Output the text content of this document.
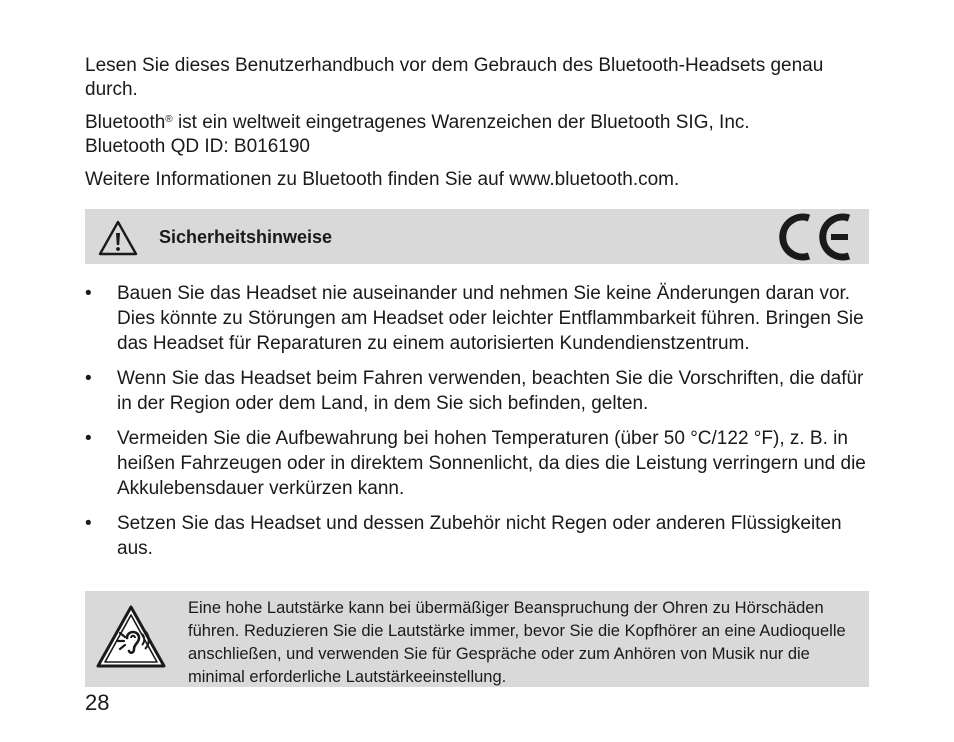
Lesen Sie dieses Benutzerhandbuch vor dem Gebrauch des Bluetooth-Headsets genau durch.

Bluetooth® ist ein weltweit eingetragenes Warenzeichen der Bluetooth SIG, Inc.
Bluetooth QD ID: B016190

Weitere Informationen zu Bluetooth finden Sie auf www.bluetooth.com.

Sicherheitshinweise
•	Bauen Sie das Headset nie auseinander und nehmen Sie keine Änderungen daran vor. Dies könnte zu Störungen am Headset oder leichter Entflammbarkeit führen. Bringen Sie das Headset für Reparaturen zu einem autorisierten Kundendienstzentrum.
•	Wenn Sie das Headset beim Fahren verwenden, beachten Sie die Vorschriften, die dafür in der Region oder dem Land, in dem Sie sich befinden, gelten.
•	Vermeiden Sie die Aufbewahrung bei hohen Temperaturen (über 50 °C/122 °F), z. B. in heißen Fahrzeugen oder in direktem Sonnenlicht, da dies die Leistung verringern und die Akkulebensdauer verkürzen kann.
•	Setzen Sie das Headset und dessen Zubehör nicht Regen oder anderen Flüssigkeiten aus.
Eine hohe Lautstärke kann bei übermäßiger Beanspruchung der Ohren zu Hörschäden führen. Reduzieren Sie die Lautstärke immer, bevor Sie die Kopfhörer an eine Audioquelle anschließen, und verwenden Sie für Gespräche oder zum Anhören von Musik nur die minimal erforderliche Lautstärkeeinstellung.
28
